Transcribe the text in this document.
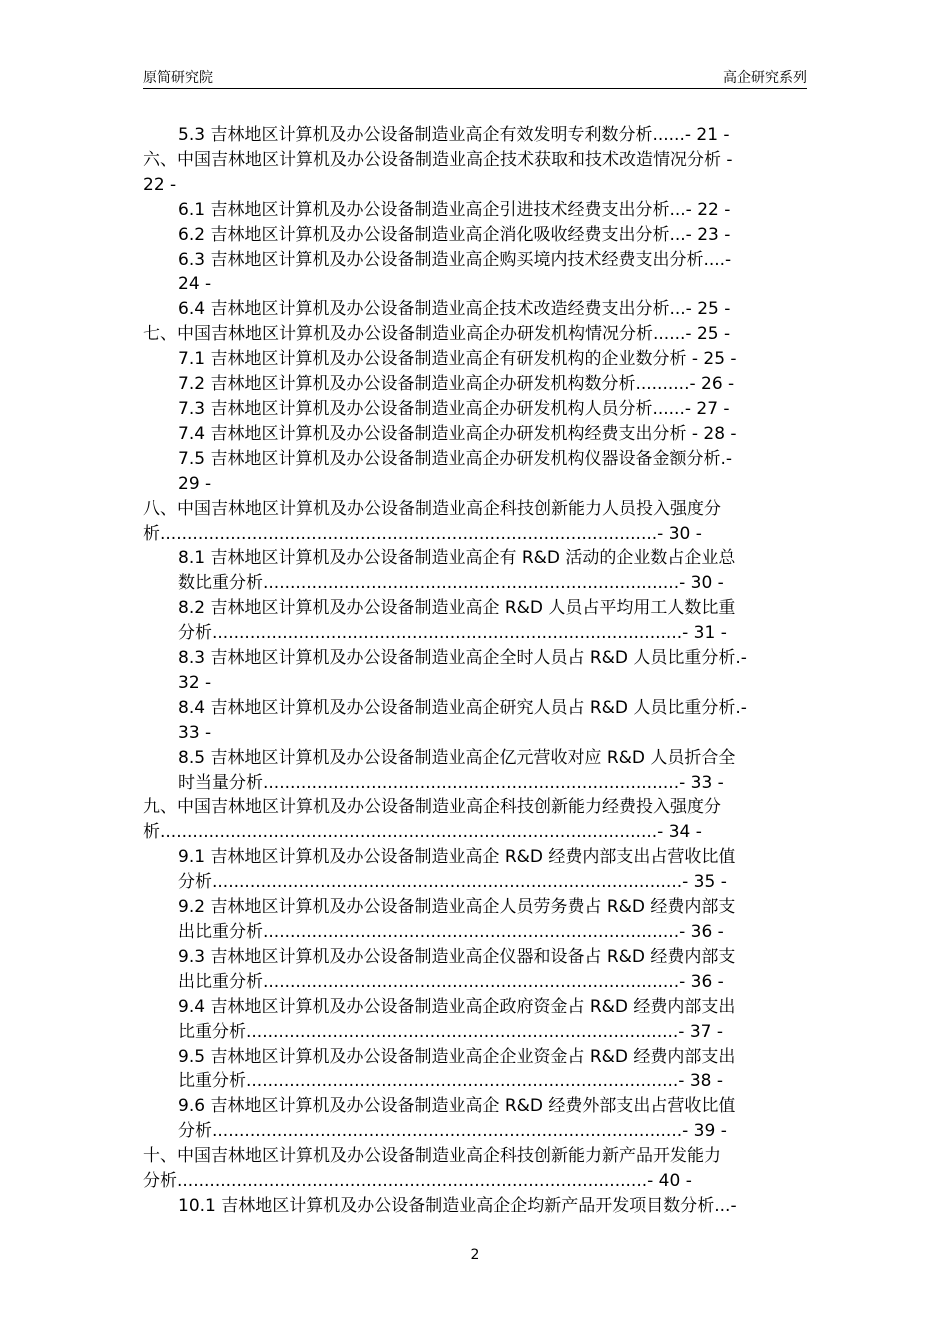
原简研究院	高企研究系列
5.3 吉林地区计算机及办公设备制造业高企有效发明专利数分析......- 21 -
六、中国吉林地区计算机及办公设备制造业高企技术获取和技术改造情况分析 -
22 -
6.1 吉林地区计算机及办公设备制造业高企引进技术经费支出分析...- 22 -
6.2 吉林地区计算机及办公设备制造业高企消化吸收经费支出分析...- 23 -
6.3 吉林地区计算机及办公设备制造业高企购买境内技术经费支出分析....-
24 -
6.4 吉林地区计算机及办公设备制造业高企技术改造经费支出分析...- 25 -
七、中国吉林地区计算机及办公设备制造业高企办研发机构情况分析......- 25 -
7.1 吉林地区计算机及办公设备制造业高企有研发机构的企业数分析 - 25 -
7.2 吉林地区计算机及办公设备制造业高企办研发机构数分析..........- 26 -
7.3 吉林地区计算机及办公设备制造业高企办研发机构人员分析......- 27 -
7.4 吉林地区计算机及办公设备制造业高企办研发机构经费支出分析 - 28 -
7.5 吉林地区计算机及办公设备制造业高企办研发机构仪器设备金额分析.-
29 -
八、中国吉林地区计算机及办公设备制造业高企科技创新能力人员投入强度分
析............................................................................................- 30 -
8.1 吉林地区计算机及办公设备制造业高企有 R&D 活动的企业数占企业总
数比重分析.............................................................................- 30 -
8.2 吉林地区计算机及办公设备制造业高企 R&D 人员占平均用工人数比重
分析.......................................................................................- 31 -
8.3 吉林地区计算机及办公设备制造业高企全时人员占 R&D 人员比重分析.-
32 -
8.4 吉林地区计算机及办公设备制造业高企研究人员占 R&D 人员比重分析.-
33 -
8.5 吉林地区计算机及办公设备制造业高企亿元营收对应 R&D 人员折合全
时当量分析.............................................................................- 33 -
九、中国吉林地区计算机及办公设备制造业高企科技创新能力经费投入强度分
析............................................................................................- 34 -
9.1 吉林地区计算机及办公设备制造业高企 R&D 经费内部支出占营收比值
分析.......................................................................................- 35 -
9.2 吉林地区计算机及办公设备制造业高企人员劳务费占 R&D 经费内部支
出比重分析.............................................................................- 36 -
9.3 吉林地区计算机及办公设备制造业高企仪器和设备占 R&D 经费内部支
出比重分析.............................................................................- 36 -
9.4 吉林地区计算机及办公设备制造业高企政府资金占 R&D 经费内部支出
比重分析................................................................................- 37 -
9.5 吉林地区计算机及办公设备制造业高企企业资金占 R&D 经费内部支出
比重分析................................................................................- 38 -
9.6 吉林地区计算机及办公设备制造业高企 R&D 经费外部支出占营收比值
分析.......................................................................................- 39 -
十、中国吉林地区计算机及办公设备制造业高企科技创新能力新产品开发能力
分析.......................................................................................- 40 -
10.1 吉林地区计算机及办公设备制造业高企企均新产品开发项目数分析...-
2
